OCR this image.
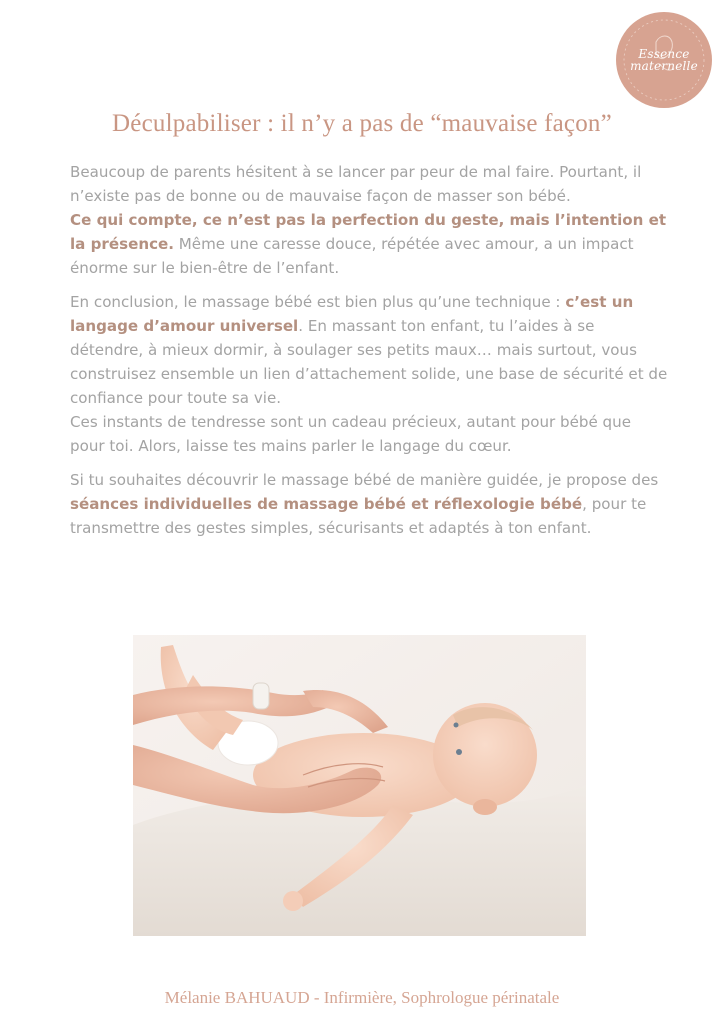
Essence maternelle
Déculpabiliser : il n’y a pas de “mauvaise façon”

Beaucoup de parents hésitent à se lancer par peur de mal faire. Pourtant, il n’existe pas de bonne ou de mauvaise façon de masser son bébé.
Ce qui compte, ce n’est pas la perfection du geste, mais l’intention et la présence. Même une caresse douce, répétée avec amour, a un impact énorme sur le bien-être de l’enfant.

En conclusion, le massage bébé est bien plus qu’une technique : c’est un langage d’amour universel. En massant ton enfant, tu l’aides à se détendre, à mieux dormir, à soulager ses petits maux… mais surtout, vous construisez ensemble un lien d’attachement solide, une base de sécurité et de confiance pour toute sa vie.
Ces instants de tendresse sont un cadeau précieux, autant pour bébé que pour toi. Alors, laisse tes mains parler le langage du cœur.

Si tu souhaites découvrir le massage bébé de manière guidée, je propose des séances individuelles de massage bébé et réflexologie bébé, pour te transmettre des gestes simples, sécurisants et adaptés à ton enfant.

Mélanie BAHUAUD - Infirmière, Sophrologue périnatale
